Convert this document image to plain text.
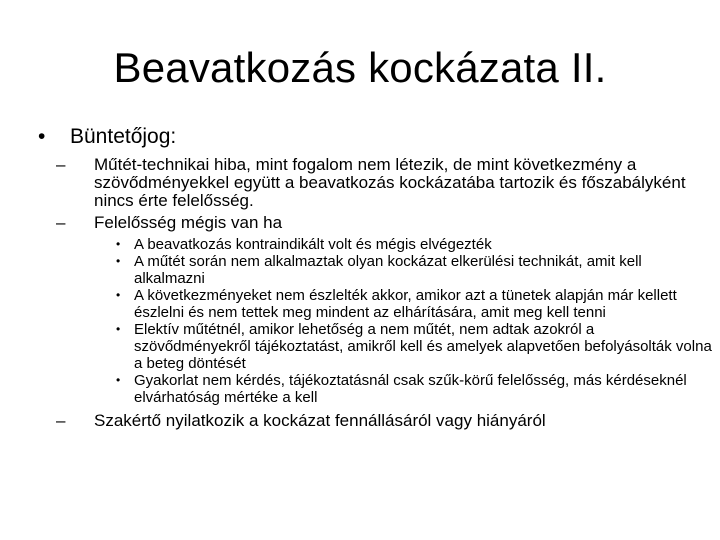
Beavatkozás kockázata II.
• Büntetőjog:
– Műtét-technikai hiba, mint fogalom nem létezik, de mint következmény a szövődményekkel együtt a beavatkozás kockázatába tartozik és főszabályként nincs érte felelősség.
– Felelősség mégis van ha
• A beavatkozás kontraindikált volt és mégis elvégezték
• A műtét során nem alkalmaztak olyan kockázat elkerülési technikát, amit kell alkalmazni
• A következményeket nem észlelték akkor, amikor azt a tünetek alapján már kellett észlelni és nem tettek meg mindent az elhárítására, amit meg kell tenni
• Elektív műtétnél, amikor lehetőség a nem műtét, nem adtak azokról a szövődményekről tájékoztatást, amikről kell és amelyek alapvetően befolyásolták volna a beteg döntését
• Gyakorlat nem kérdés, tájékoztatásnál csak szűk-körű felelősség, más kérdéseknél elvárhatóság mértéke a kell
– Szakértő nyilatkozik a kockázat fennállásáról vagy hiányáról
